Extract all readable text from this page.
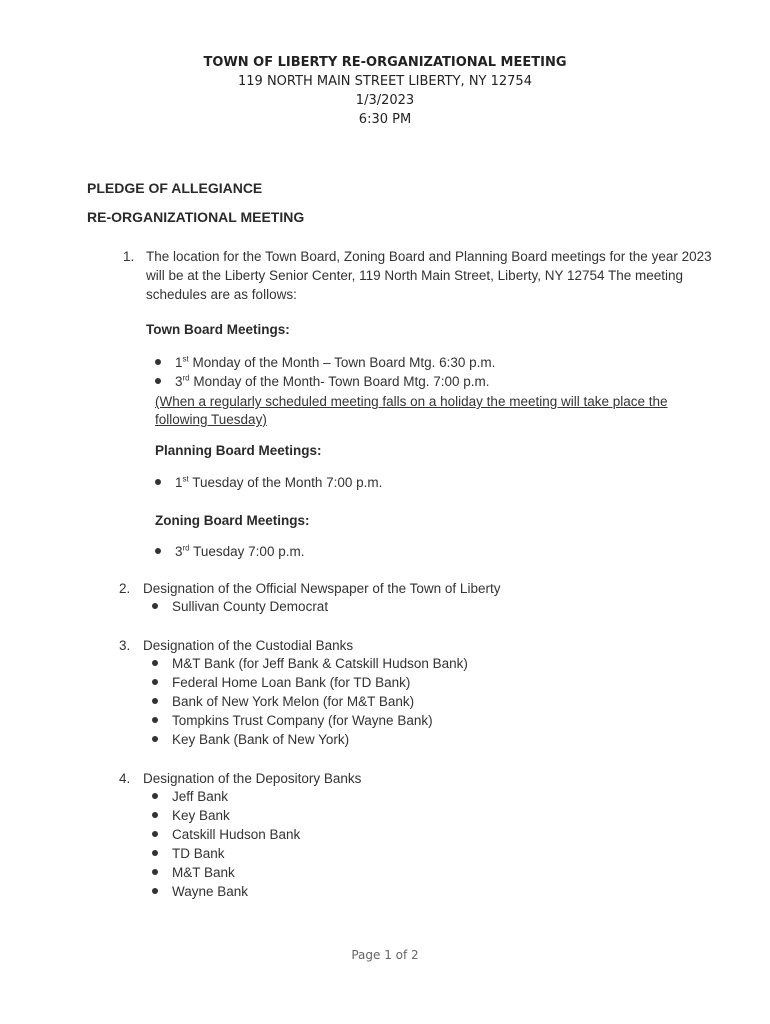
TOWN OF LIBERTY RE-ORGANIZATIONAL MEETING
119 NORTH MAIN STREET LIBERTY, NY 12754
1/3/2023
6:30 PM
PLEDGE OF ALLEGIANCE
RE-ORGANIZATIONAL MEETING
1. The location for the Town Board, Zoning Board and Planning Board meetings for the year 2023
will be at the Liberty Senior Center, 119 North Main Street, Liberty, NY 12754 The meeting
schedules are as follows:
Town Board Meetings:
1st Monday of the Month – Town Board Mtg. 6:30 p.m.
3rd Monday of the Month- Town Board Mtg. 7:00 p.m.
(When a regularly scheduled meeting falls on a holiday the meeting will take place the
following Tuesday)
Planning Board Meetings:
1st Tuesday of the Month 7:00 p.m.
Zoning Board Meetings:
3rd Tuesday 7:00 p.m.
2. Designation of the Official Newspaper of the Town of Liberty
Sullivan County Democrat
3. Designation of the Custodial Banks
M&T Bank (for Jeff Bank & Catskill Hudson Bank)
Federal Home Loan Bank (for TD Bank)
Bank of New York Melon (for M&T Bank)
Tompkins Trust Company (for Wayne Bank)
Key Bank (Bank of New York)
4. Designation of the Depository Banks
Jeff Bank
Key Bank
Catskill Hudson Bank
TD Bank
M&T Bank
Wayne Bank
Page 1 of 2
